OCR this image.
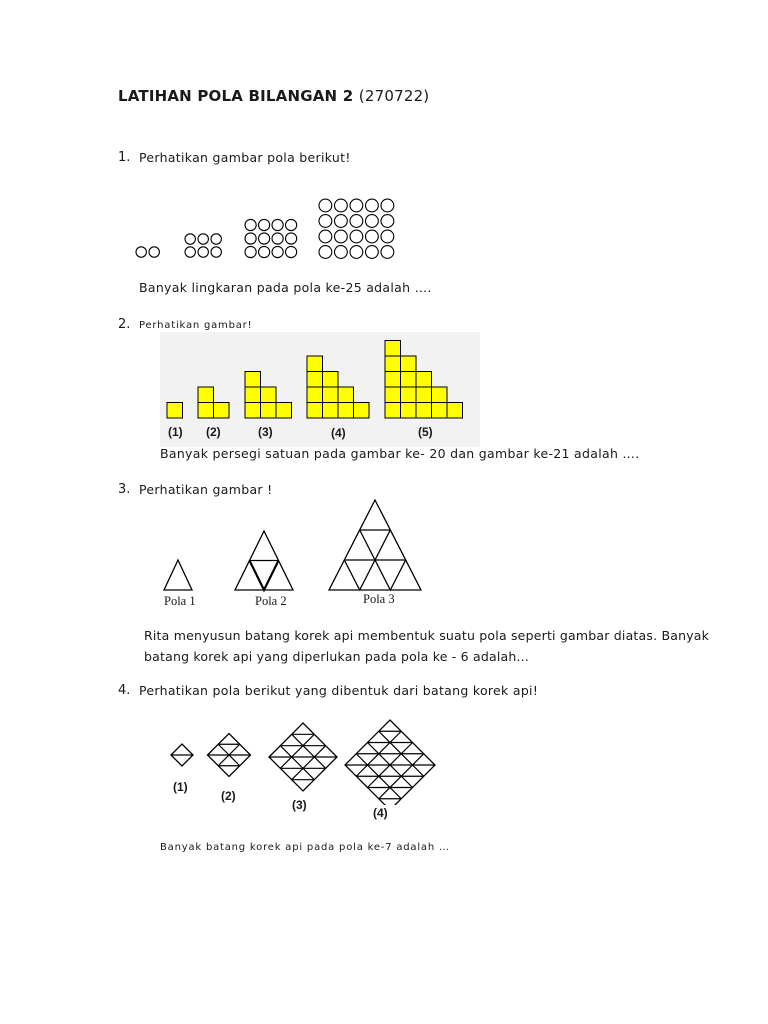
LATIHAN POLA BILANGAN 2 (270722)
1. Perhatikan gambar pola berikut!
Banyak lingkaran pada pola ke-25 adalah ….
2. Perhatikan gambar!
(1) (2)	(3)	(4)	(5)
Banyak persegi satuan pada gambar ke- 20 dan gambar ke-21 adalah ….
3. Perhatikan gambar !
Pola 1	Pola 2	Pola 3
Rita menyusun batang korek api membentuk suatu pola seperti gambar diatas. Banyak
batang korek api yang diperlukan pada pola ke - 6 adalah...
4. Perhatikan pola berikut yang dibentuk dari batang korek api!
(1)
(2)
(3)
(4)
Banyak batang korek api pada pola ke-7 adalah …
